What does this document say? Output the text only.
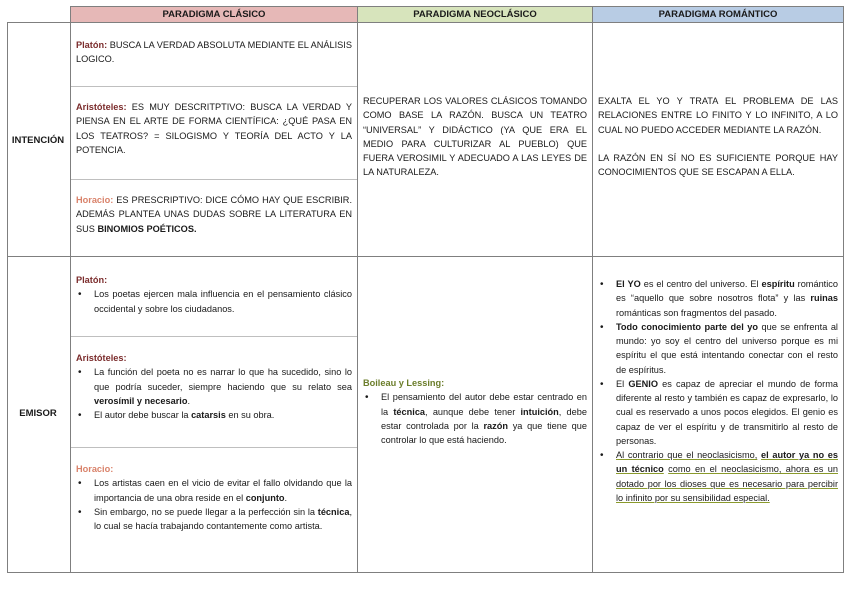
PARADIGMA CLÁSICO	PARADIGMA NEOCLÁSICO	PARADIGMA ROMÁNTICO
INTENCIÓN
EMISOR
Platón: BUSCA LA VERDAD ABSOLUTA MEDIANTE EL ANÁLISIS LOGICO.
Aristóteles: ES MUY DESCRITPTIVO: BUSCA LA VERDAD Y PIENSA EN EL ARTE DE FORMA CIENTÍFICA: ¿QUÉ PASA EN LOS TEATROS? = SILOGISMO Y TEORÍA DEL ACTO Y LA POTENCIA.
Horacio: ES PRESCRIPTIVO: DICE CÓMO HAY QUE ESCRIBIR. ADEMÁS PLANTEA UNAS DUDAS SOBRE LA LITERATURA EN SUS BINOMIOS POÉTICOS.
RECUPERAR LOS VALORES CLÁSICOS TOMANDO COMO BASE LA RAZÓN. BUSCA UN TEATRO “UNIVERSAL” Y DIDÁCTICO (YA QUE ERA EL MEDIO PARA CULTURIZAR AL PUEBLO) QUE FUERA VEROSIMIL Y ADECUADO A LAS LEYES DE LA NATURALEZA.
EXALTA EL YO Y TRATA EL PROBLEMA DE LAS RELACIONES ENTRE LO FINITO Y LO INFINITO, A LO CUAL NO PUEDO ACCEDER MEDIANTE LA RAZÓN.
LA RAZÓN EN SÍ NO ES SUFICIENTE PORQUE HAY CONOCIMIENTOS QUE SE ESCAPAN A ELLA.
Platón:
• Los poetas ejercen mala influencia en el pensamiento clásico occidental y sobre los ciudadanos.
Aristóteles:
• La función del poeta no es narrar lo que ha sucedido, sino lo que podría suceder, siempre haciendo que su relato sea verosímil y necesario.
• El autor debe buscar la catarsis en su obra.
Horacio:
• Los artistas caen en el vicio de evitar el fallo olvidando que la importancia de una obra reside en el conjunto.
• Sin embargo, no se puede llegar a la perfección sin la técnica, lo cual se hacía trabajando contantemente como artista.
Boileau y Lessing:
• El pensamiento del autor debe estar centrado en la técnica, aunque debe tener intuición, debe estar controlada por la razón ya que tiene que controlar lo que está haciendo.
• El YO es el centro del universo. El espíritu romántico es “aquello que sobre nosotros flota” y las ruinas románticas son fragmentos del pasado.
• Todo conocimiento parte del yo que se enfrenta al mundo: yo soy el centro del universo porque es mi espíritu el que está intentando conectar con el resto de espíritus.
• El GENIO es capaz de apreciar el mundo de forma diferente al resto y también es capaz de expresarlo, lo cual es reservado a unos pocos elegidos. El genio es capaz de ver el espíritu y de transmitirlo al resto de personas.
• Al contrario que el neoclasicismo, el autor ya no es un técnico como en el neoclasicismo, ahora es un dotado por los dioses que es necesario para percibir lo infinito por su sensibilidad especial.
